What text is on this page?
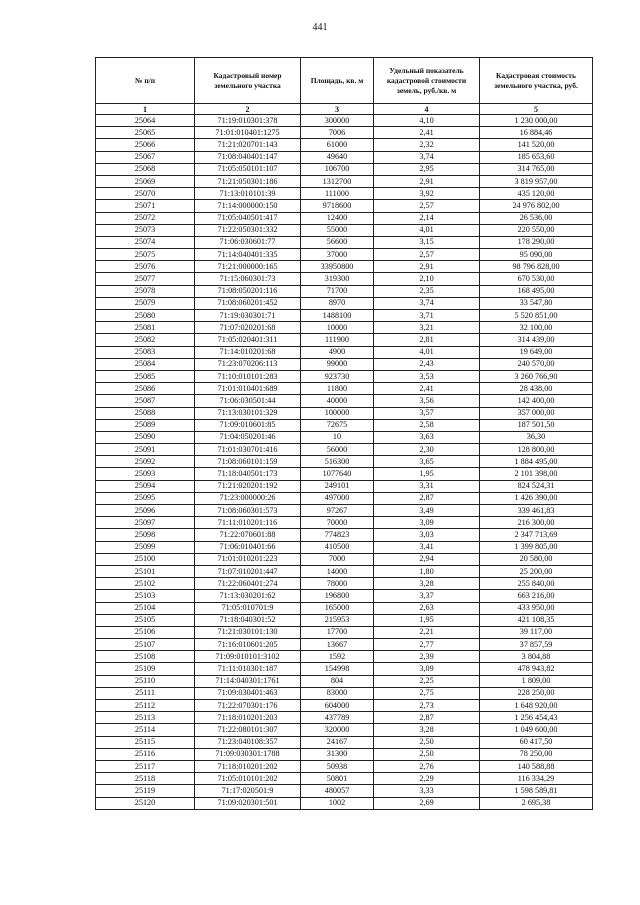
441
№ п/п	Кадастровый номер земельного участка	Площадь, кв. м	Удельный показатель кадастровой стоимости земель, руб./кв. м	Кадастровая стоимость земельного участка, руб.
1	2	3	4	5
25064	71:19:010301:378	300000	4,10	1 230 000,00
25065	71:01:010401:1275	7006	2,41	16 884,46
25066	71:21:020701:143	61000	2,32	141 520,00
25067	71:08:040401:147	49640	3,74	185 653,60
25068	71:05:050101:107	106700	2,95	314 765,00
25069	71:21:050301:186	1312700	2,91	3 819 957,00
25070	71:13:010101:39	111000	3,92	435 120,00
25071	71:14:000000:150	9718600	2,57	24 976 802,00
25072	71:05:040501:417	12400	2,14	26 536,00
25073	71:22:050301:332	55000	4,01	220 550,00
25074	71:06:030601:77	56600	3,15	178 290,00
25075	71:14:040401:335	37000	2,57	95 090,00
25076	71:21:000000:165	33950800	2,91	98 796 828,00
25077	71:15:060301:73	319300	2,10	670 530,00
25078	71:08:050201:116	71700	2,35	168 495,00
25079	71:08:060201:452	8970	3,74	33 547,80
25080	71:19:030301:71	1488100	3,71	5 520 851,00
25081	71:07:020201:68	10000	3,21	32 100,00
25082	71:05:020401:311	111900	2,81	314 439,00
25083	71:14:010201:68	4900	4,01	19 649,00
25084	71:23:070206:113	99000	2,43	240 570,00
25085	71:10:010101:283	923730	3,53	3 260 766,90
25086	71:01:010401:689	11800	2,41	28 438,00
25087	71:06:030501:44	40000	3,56	142 400,00
25088	71:13:030101:329	100000	3,57	357 000,00
25089	71:09:010601:85	72675	2,58	187 501,50
25090	71:04:050201:46	10	3,63	36,30
25091	71:01:030701:416	56000	2,30	128 800,00
25092	71:08:060101:159	516300	3,65	1 884 495,00
25093	71:18:040501:173	1077640	1,95	2 101 398,00
25094	71:21:020201:192	249101	3,31	824 524,31
25095	71:23:000000:26	497000	2,87	1 426 390,00
25096	71:08:060301:573	97267	3,49	339 461,83
25097	71:11:010201:116	70000	3,09	216 300,00
25098	71:22:070601:88	774823	3,03	2 347 713,69
25099	71:06:010401:66	410500	3,41	1 399 805,00
25100	71:01:010201:223	7000	2,94	20 580,00
25101	71:07:010201:447	14000	1,80	25 200,00
25102	71:22:060401:274	78000	3,28	255 840,00
25103	71:13:030201:62	196800	3,37	663 216,00
25104	71:05:010701:9	165000	2,63	433 950,00
25105	71:18:040301:52	215953	1,95	421 108,35
25106	71:21:030101:130	17700	2,21	39 117,00
25107	71:16:010601:205	13667	2,77	37 857,59
25108	71:09:010101:3102	1592	2,39	3 804,88
25109	71:11:010301:187	154998	3,09	478 943,82
25110	71:14:040301:1761	804	2,25	1 809,00
25111	71:09:030401:463	83000	2,75	228 250,00
25112	71:22:070301:176	604000	2,73	1 648 920,00
25113	71:18:010201:203	437789	2,87	1 256 454,43
25114	71:22:080101:307	320000	3,28	1 049 600,00
25115	71:23:040108:357	24167	2,50	60 417,50
25116	71:09:030301:1788	31300	2,50	78 250,00
25117	71:18:010201:202	50938	2,76	140 588,88
25118	71:05:010101:202	50801	2,29	116 334,29
25119	71:17:020501:9	480057	3,33	1 598 589,81
25120	71:09:020301:501	1002	2,69	2 695,38
